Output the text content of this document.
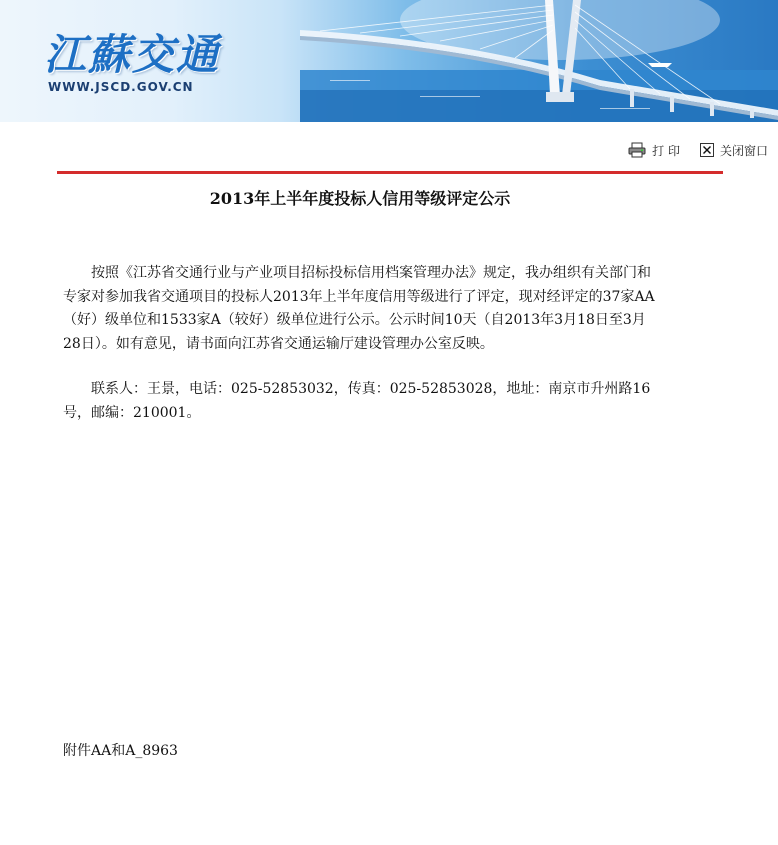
江蘇交通
WWW.JSCD.GOV.CN
打 印	关闭窗口
2013年上半年度投标人信用等级评定公示

按照《江苏省交通行业与产业项目招标投标信用档案管理办法》规定，我办组织有关部门和专家对参加我省交通项目的投标人2013年上半年度信用等级进行了评定，现对经评定的37家AA（好）级单位和1533家A（较好）级单位进行公示。公示时间10天（自2013年3月18日至3月28日）。如有意见，请书面向江苏省交通运输厅建设管理办公室反映。

联系人：王景，电话：025-52853032，传真：025-52853028，地址：南京市升州路16号，邮编：210001。

附件AA和A_8963
